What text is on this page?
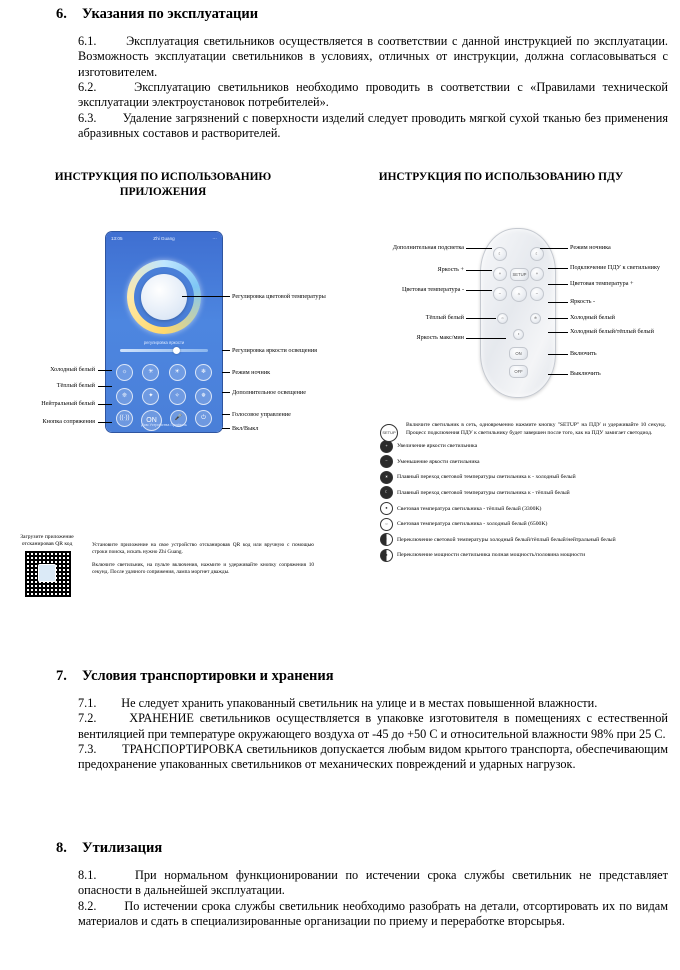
6. Указания по эксплуатации

6.1. Эксплуатация светильников осуществляется в соответствии с данной инструкцией по эксплуатации. Возможность эксплуатации светильников в условиях, отличных от инструкции, должна согласовываться с изготовителем.

6.2.	Эксплуатацию светильников необходимо проводить в соответствии с «Правилами технической эксплуатации электроустановок потребителей».

6.3. Удаление загрязнений с поверхности изделий следует проводить мягкой сухой тканью без применения абразивных составов и растворителей.

ИНСТРУКЦИЯ ПО ИСПОЛЬЗОВАНИЮ ПРИЛОЖЕНИЯ
ИНСТРУКЦИЯ ПО ИСПОЛЬЗОВАНИЮ ПДУ
13:05	Zhi Guang	⋯
регулировка яркости
☼	✳	☀	❄
❊	✦	✧	✵
((·))	ON	🎤	⏻
Дом Устройства Профиль
Регулировка цветовой температуры
Регулировка яркости освещения
Режим ночник
Дополнительное освещение
Голосовое управление
Вкл/Выкл
Холодный белый
Тёплый белый
Нейтральный белый
Кнопка сопряжения
☾	☾
+	SETUP	+
−	☼	−
☼	❄
◑
ON
OFF
Дополнительная подсветка
Яркость +
Цветовая температура -
Тёплый белый
Яркость макс/мин
Режим ночника
Подключение ПДУ к светильнику
Цветовая температура +
Яркость -
Холодный белый
Холодный белый/тёплый белый
Включить
Выключить
SETUP
Включите светильник в сеть, одновременно нажмите кнопку "SETUP" на ПДУ и удерживайте 10 секунд. Процесс подключения ПДУ к светильнику будет завершен после того, как на ПДУ замигает светодиод.
+	Увеличение яркости светильника
−	Уменьшение яркости светильника
☀	Плавный переход световой температуры светильника к - холодный белый
☾	Плавный переход световой температуры светильника к - тёплый белый
●	Световая температура светильника - тёплый белый (3300K)
○	Световая температура светильника - холодный белый (6500K)
◐	Переключение световой температуры холодный белый/тёплый белый/нейтральный белый
◑	Переключение мощности светильника полная мощность/половина мощности
Загрузите приложение отсканировав QR код	Установите приложение на свое устройство отсканировав QR код или вручную с помощью строки поиска, искать нужно Zhi Guang.

Включите светильник, на пульте включения, нажмите и удерживайте кнопку сопряжения 10 секунд. После удачного сопряжения, лампа моргнет дважды.

7. Условия транспортировки и хранения

7.1. Не следует хранить упакованный светильник на улице и в местах повышенной влажности.

7.2.	ХРАНЕНИЕ светильников осуществляется в упаковке изготовителя в помещениях с естественной вентиляцией при температуре окружающего воздуха от -45 до +50 С и относительной влажности 98% при 25 С.

7.3. ТРАНСПОРТИРОВКА светильников допускается любым видом крытого транспорта, обеспечивающим предохранение упакованных светильников от механических повреждений и ударных нагрузок.

8. Утилизация

8.1.	При нормальном функционировании по истечении срока службы светильник не представляет опасности в дальнейшей эксплуатации.

8.2. По истечении срока службы светильник необходимо разобрать на детали, отсортировать их по видам материалов и сдать в специализированные организации по приему и переработке вторсырья.
